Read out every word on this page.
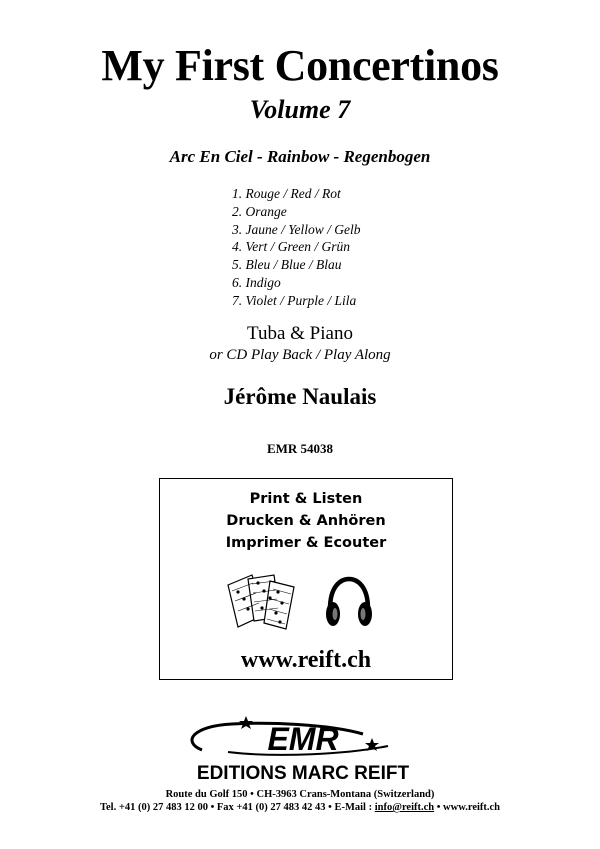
My First Concertinos
Volume 7
Arc En Ciel - Rainbow - Regenbogen
1. Rouge / Red / Rot
2. Orange
3. Jaune / Yellow / Gelb
4. Vert / Green / Grün
5. Bleu / Blue / Blau
6. Indigo
7. Violet / Purple / Lila
Tuba & Piano
or CD Play Back / Play Along
Jérôme Naulais
EMR 54038
Print & Listen
Drucken & Anhören
Imprimer & Ecouter
www.reift.ch
EMR
EDITIONS MARC REIFT
Route du Golf 150 • CH-3963 Crans-Montana (Switzerland)
Tel. +41 (0) 27 483 12 00 • Fax +41 (0) 27 483 42 43 • E-Mail : info@reift.ch • www.reift.ch
